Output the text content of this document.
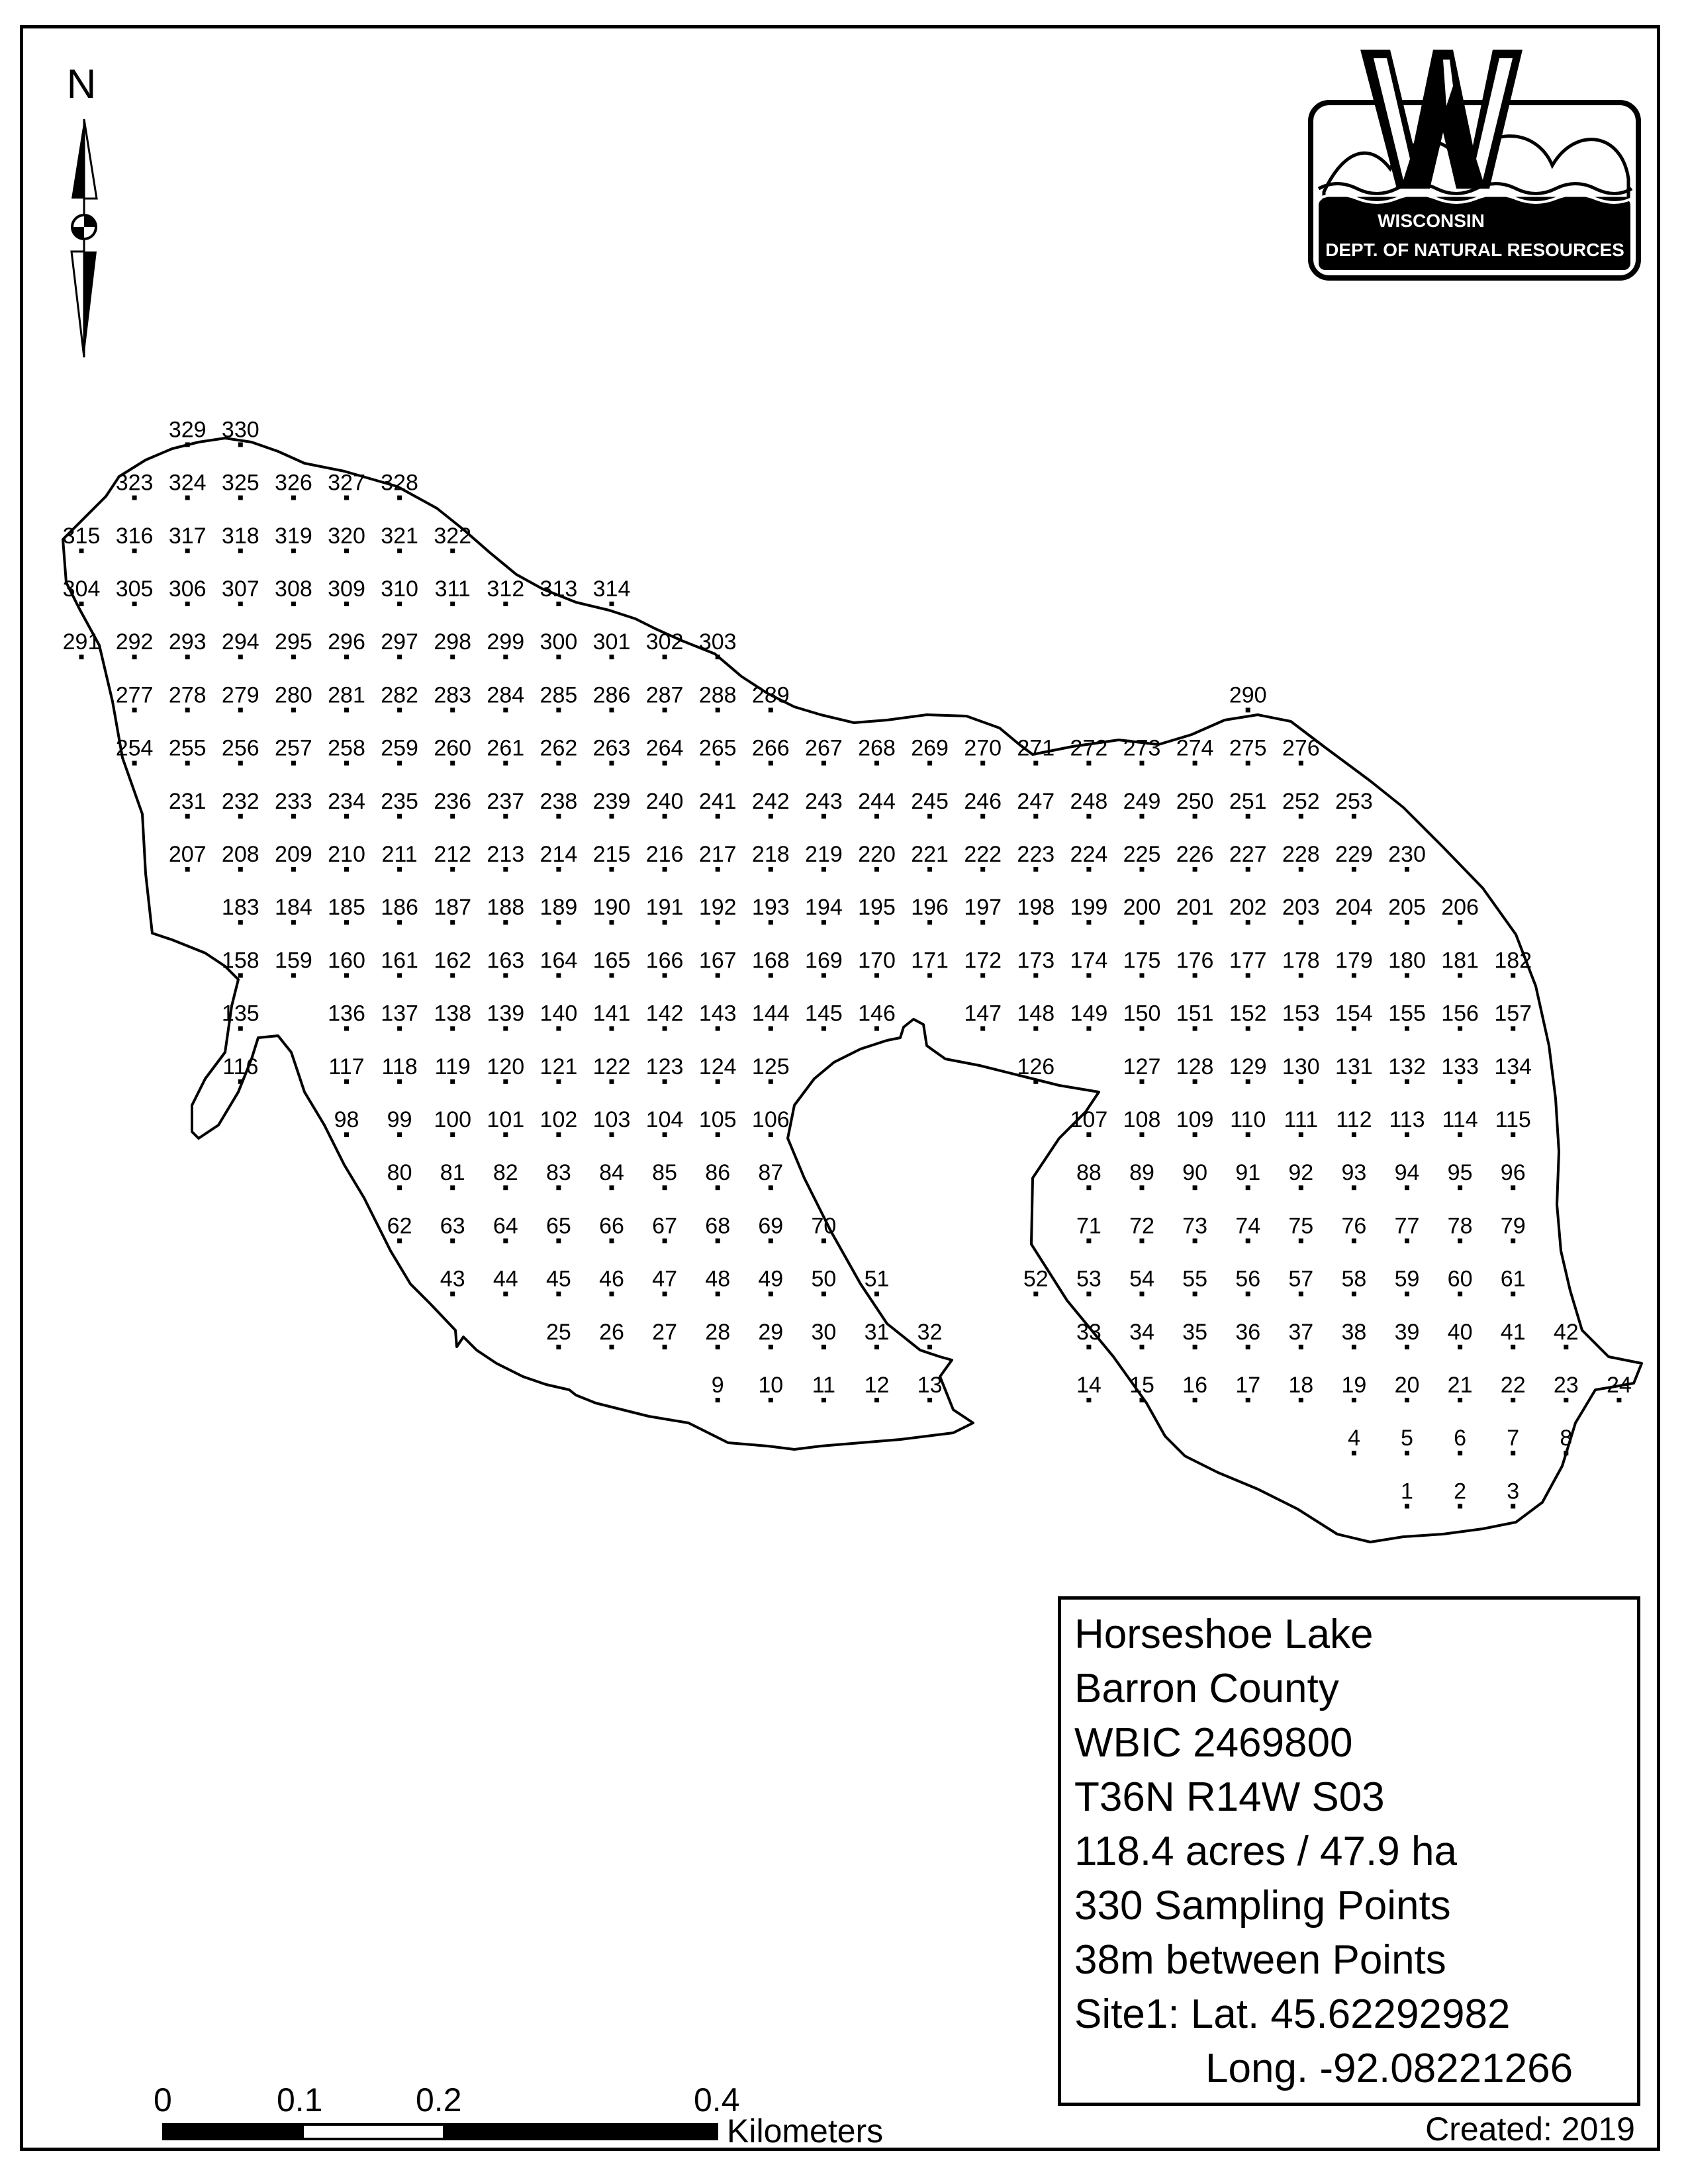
N
WISCONSIN
DEPT. OF NATURAL RESOURCES
329 330
323 324 325 326 327 328
315 316 317 318 319 320 321 322
304 305 306 307 308 309 310 311 312 313 314
291 292 293 294 295 296 297 298 299 300 301 302 303
277 278 279 280 281 282 283 284 285 286 287 288 289	290
254 255 256 257 258 259 260 261 262 263 264 265 266 267 268 269 270 271 272 273 274 275 276
231 232 233 234 235 236 237 238 239 240 241 242 243 244 245 246 247 248 249 250 251 252 253
207 208 209 210 211 212 213 214 215 216 217 218 219 220 221 222 223 224 225 226 227 228 229 230
183 184 185 186 187 188 189 190 191 192 193 194 195 196 197 198 199 200 201 202 203 204 205 206
158 159 160 161 162 163 164 165 166 167 168 169 170 171 172 173 174 175 176 177 178 179 180 181 182
135	136 137 138 139 140 141 142 143 144 145 146	147 148 149 150 151 152 153 154 155 156 157
116	117 118 119 120 121 122 123 124 125	126	127 128 129 130 131 132 133 134
98 99 100 101 102 103 104 105 106	107 108 109 110 111 112 113 114 115
80 81 82 83 84 85 86 87	88 89 90 91 92 93 94 95 96
62 63 64 65 66 67 68 69 70	71 72 73 74 75 76 77 78 79
43 44 45 46 47 48 49 50 51	52 53 54 55 56 57 58 59 60 61
25 26 27 28 29 30 31 32	33 34 35 36 37 38 39 40 41 42
9 10 11 12 13	14 15 16 17 18 19 20 21 22 23 24
4 5 6 7 8
1 2 3
Horseshoe Lake
Barron County
WBIC 2469800
T36N R14W S03
118.4 acres / 47.9 ha
330 Sampling Points
38m between Points
Site1: Lat. 45.62292982
Long. -92.08221266
Created: 2019
0	0.1	0.2	0.4
Kilometers
